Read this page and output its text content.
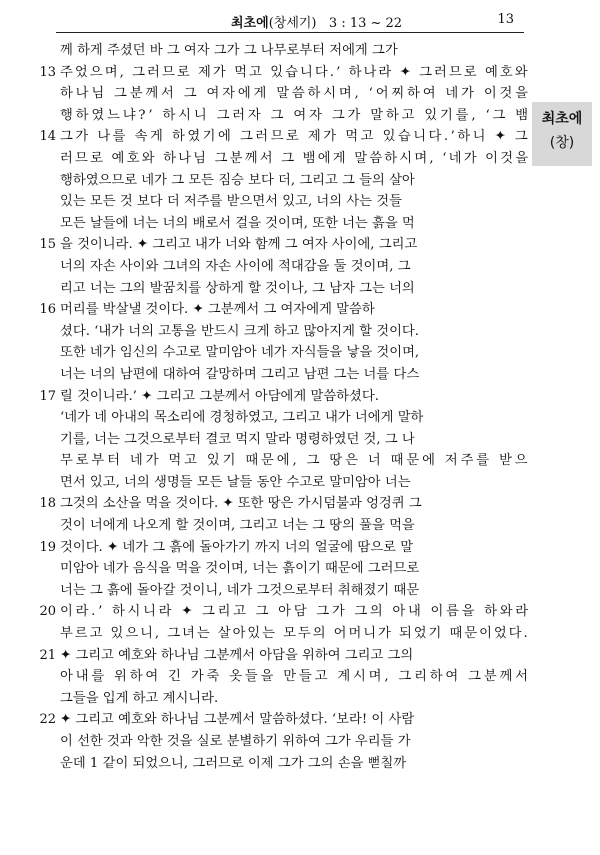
최초에(창세기) 3 : 13 ~ 22	13
최초에
(창)
께 하게 주셨던 바 그 여자 그가 그 나무로부터 저에게 그가
13 주었으며, 그러므로 제가 먹고 있습니다.’ 하나라 ✦ 그러므로 예호와
하나님 그분께서 그 여자에게 말씀하시며, ‘어찌하여 네가 이것을
행하였느냐?’ 하시니 그러자 그 여자 그가 말하고 있기를, ‘그 뱀
14 그가 나를 속게 하였기에 그러므로 제가 먹고 있습니다.’하니 ✦ 그
러므로 예호와 하나님 그분께서 그 뱀에게 말씀하시며, ‘네가 이것을
행하였으므로 네가 그 모든 짐승 보다 더, 그리고 그 들의 살아
있는 모든 것 보다 더 저주를 받으면서 있고, 너의 사는 것들
모든 날들에 너는 너의 배로서 걸을 것이며, 또한 너는 흙을 먹
15 을 것이니라. ✦ 그리고 내가 너와 함께 그 여자 사이에, 그리고
너의 자손 사이와 그녀의 자손 사이에 적대감을 둘 것이며, 그
리고 너는 그의 발꿈치를 상하게 할 것이나, 그 남자 그는 너의
16 머리를 박살낼 것이다. ✦ 그분께서 그 여자에게 말씀하
셨다. ‘내가 너의 고통을 반드시 크게 하고 많아지게 할 것이다.
또한 네가 임신의 수고로 말미암아 네가 자식들을 낳을 것이며,
너는 너의 남편에 대하여 갈망하며 그리고 남편 그는 너를 다스
17 릴 것이니라.’ ✦ 그리고 그분께서 아담에게 말씀하셨다.
‘네가 네 아내의 목소리에 경청하였고, 그리고 내가 너에게 말하
기를, 너는 그것으로부터 결코 먹지 말라 명령하였던 것, 그 나
무로부터 네가 먹고 있기 때문에, 그 땅은 너 때문에 저주를 받으
면서 있고, 너의 생명들 모든 날들 동안 수고로 말미암아 너는
18 그것의 소산을 먹을 것이다. ✦ 또한 땅은 가시덤불과 엉겅퀴 그
것이 너에게 나오게 할 것이며, 그리고 너는 그 땅의 풀을 먹을
19 것이다. ✦ 네가 그 흙에 돌아가기 까지 너의 얼굴에 땀으로 말
미암아 네가 음식을 먹을 것이며, 너는 흙이기 때문에 그러므로
너는 그 흙에 돌아갈 것이니, 네가 그것으로부터 취해졌기 때문
20 이라.’ 하시니라 ✦ 그리고 그 아담 그가 그의 아내 이름을 하와라
부르고 있으니, 그녀는 살아있는 모두의 어머니가 되었기 때문이었다.
21 ✦ 그리고 예호와 하나님 그분께서 아담을 위하여 그리고 그의
아내를 위하여 긴 가죽 옷들을 만들고 계시며, 그리하여 그분께서
그들을 입게 하고 계시니라.
22 ✦ 그리고 예호와 하나님 그분께서 말씀하셨다. ‘보라! 이 사람
이 선한 것과 악한 것을 실로 분별하기 위하여 그가 우리들 가
운데 1 같이 되었으니, 그러므로 이제 그가 그의 손을 뻗칠까
